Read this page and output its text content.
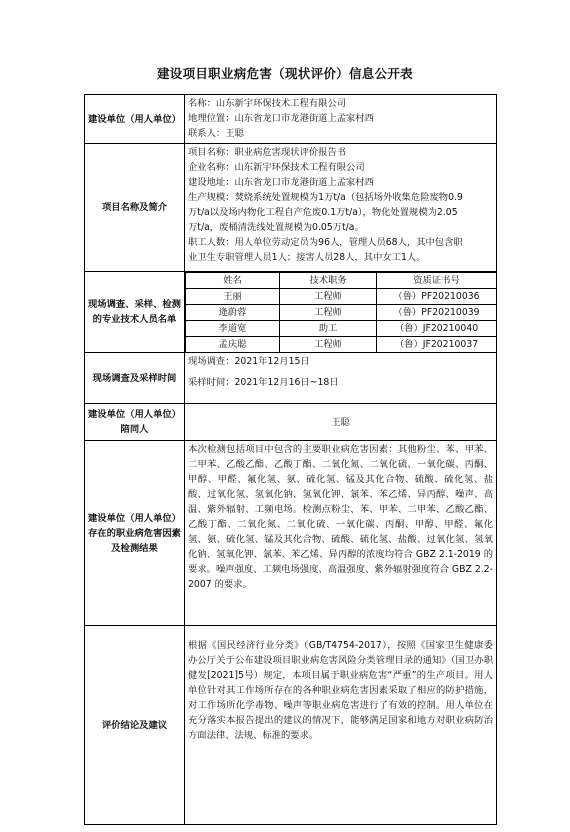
建设项目职业病危害（现状评价）信息公开表
建设单位（用人单位）	
名称：山东新宇环保技术工程有限公司
地理位置：山东省龙口市龙港街道上孟家村西
联系人：王聪

项目名称及简介	
项目名称：职业病危害现状评价报告书
企业名称：山东新宇环保技术工程有限公司
建设地址：山东省龙口市龙港街道上孟家村西
生产规模：焚烧系统处置规模为1万t/a（包括场外收集危险废物0.9
万t/a以及场内物化工程自产危废0.1万t/a），物化处置规模为2.05
万t/a，废桶清洗线处置规模为0.05万t/a。
职工人数：用人单位劳动定员为96人，管理人员68人，其中包含职
业卫生专职管理人员1人；接害人员28人，其中女工1人。

现场调查、采样、检测的专业技术人员名单	
姓名	技术职务	资质证书号
王丽	工程师	（鲁）PF20210036
逄蔚蓉	工程师	（鲁）PF20210039
李道宽	助工	（鲁）JF20210040
孟庆聪	工程师	（鲁）JF20210037

现场调查及采样时间	
现场调查：2021年12月15日
采样时间：2021年12月16日~18日

建设单位（用人单位）陪同人	王聪
建设单位（用人单位）存在的职业病危害因素及检测结果	
本次检测包括项目中包含的主要职业病危害因素：其他粉尘、苯、甲苯、二甲苯、乙酸乙酯、乙酸丁酯、二氧化氮、二氧化硫、一氧化碳、丙酮、甲醇、甲醛、氟化氢、氨、硫化氢、锰及其化合物、硫酸、硫化氢、盐酸、过氧化氢、氢氧化钠、氢氧化钾、氯苯、苯乙烯、异丙醇、噪声、高温、紫外辐射、工频电场。检测点粉尘、苯、甲苯、二甲苯、乙酸乙酯、乙酸丁酯、二氧化氮、二氧化硫、一氧化碳、丙酮、甲醇、甲醛、氟化氢、氨、硫化氢、锰及其化合物、硫酸、硫化氢、盐酸、过氧化氢、氢氧化钠、氢氧化钾、氯苯、苯乙烯、异丙醇的浓度均符合 GBZ 2.1-2019 的要求。噪声强度、工频电场强度、高温强度、紫外辐射强度符合 GBZ 2.2-2007 的要求。

评价结论及建议	
根据《国民经济行业分类》（GB/T4754-2017），按照《国家卫生健康委办公厅关于公布建设项目职业病危害风险分类管理目录的通知》（国卫办职健发[2021]5号）规定，本项目属于职业病危害“严重”的生产项目。用人单位针对其工作场所存在的各种职业病危害因素采取了相应的防护措施，对工作场所化学毒物、噪声等职业病危害进行了有效的控制。用人单位在充分落实本报告提出的建议的情况下，能够满足国家和地方对职业病防治方面法律、法规、标准的要求。
